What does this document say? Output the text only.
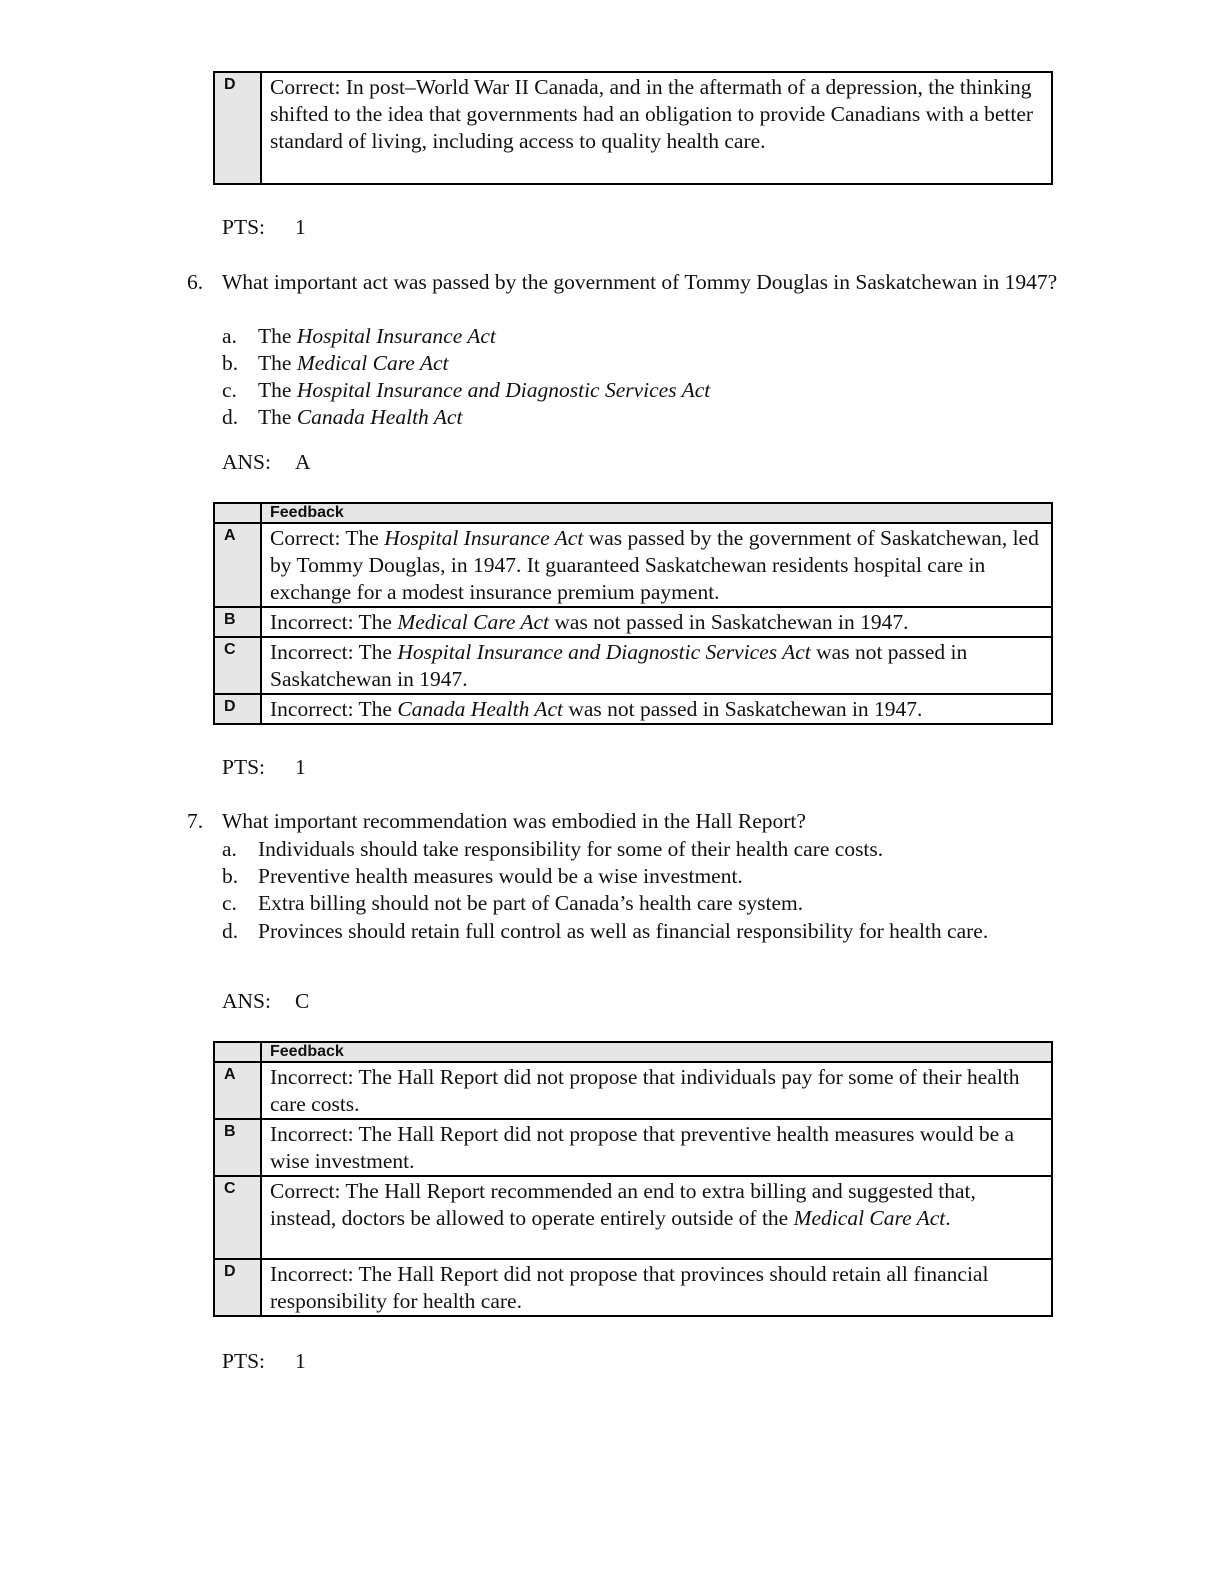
D	Correct: In post–World War II Canada, and in the aftermath of a depression, the thinking shifted to the idea that governments had an obligation to provide Canadians with a better standard of living, including access to quality health care.
PTS: 1
6. What important act was passed by the government of Tommy Douglas in Saskatchewan in 1947?
a. The Hospital Insurance Act
b. The Medical Care Act
c. The Hospital Insurance and Diagnostic Services Act
d. The Canada Health Act
ANS: A
	Feedback
A	Correct: The Hospital Insurance Act was passed by the government of Saskatchewan, led by Tommy Douglas, in 1947. It guaranteed Saskatchewan residents hospital care in exchange for a modest insurance premium payment.
B	Incorrect: The Medical Care Act was not passed in Saskatchewan in 1947.
C	Incorrect: The Hospital Insurance and Diagnostic Services Act was not passed in Saskatchewan in 1947.
D	Incorrect: The Canada Health Act was not passed in Saskatchewan in 1947.
PTS: 1
7. What important recommendation was embodied in the Hall Report?
a. Individuals should take responsibility for some of their health care costs.
b. Preventive health measures would be a wise investment.
c. Extra billing should not be part of Canada’s health care system.
d. Provinces should retain full control as well as financial responsibility for health care.
ANS: C
	Feedback
A	Incorrect: The Hall Report did not propose that individuals pay for some of their health care costs.
B	Incorrect: The Hall Report did not propose that preventive health measures would be a wise investment.
C	Correct: The Hall Report recommended an end to extra billing and suggested that, instead, doctors be allowed to operate entirely outside of the Medical Care Act.
D	Incorrect: The Hall Report did not propose that provinces should retain all financial responsibility for health care.
PTS: 1
